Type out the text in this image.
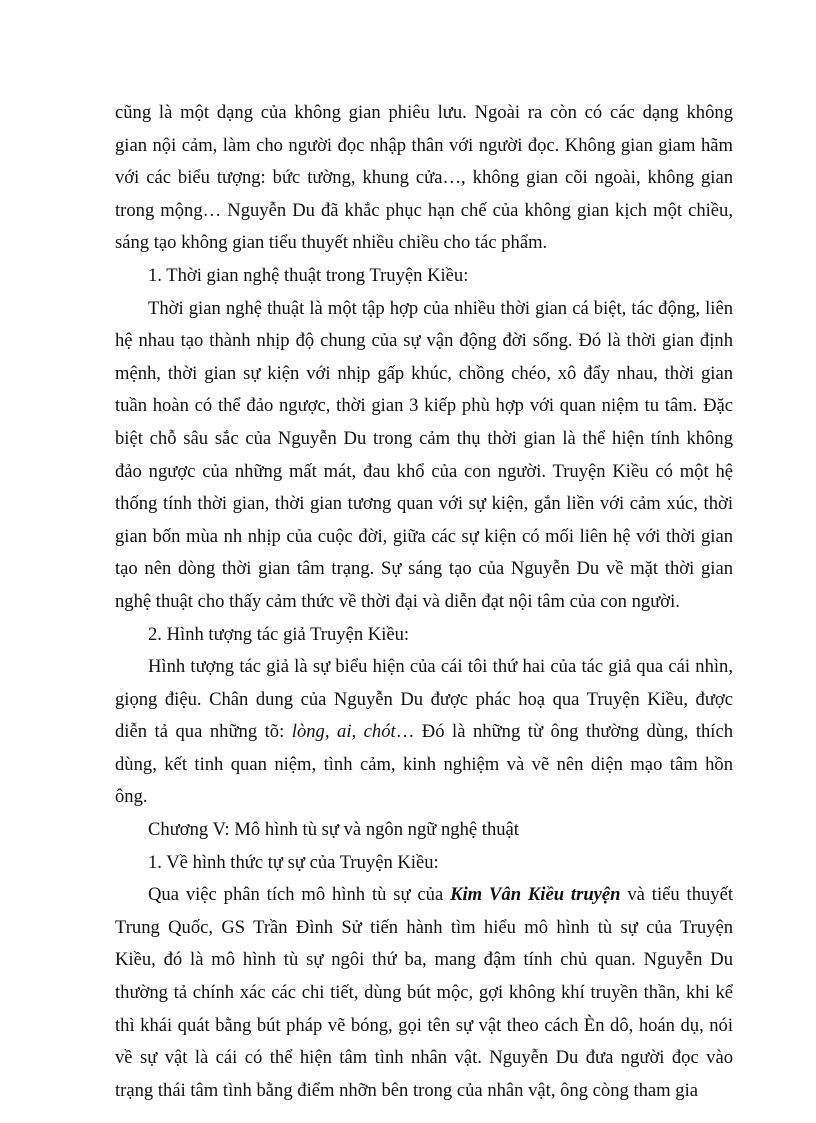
cũng là một dạng của không gian phiêu lưu. Ngoài ra còn có các dạng không
gian nội cảm, làm cho người đọc nhập thân với người đọc. Không gian giam hãm
với các biểu tượng: bức tường, khung cửa…, không gian cõi ngoài, không gian
trong mộng… Nguyễn Du đã khắc phục hạn chế của không gian kịch một chiều,
sáng tạo không gian tiểu thuyết nhiều chiều cho tác phẩm.
1. Thời gian nghệ thuật trong Truyện Kiều:
Thời gian nghệ thuật là một tập hợp của nhiều thời gian cá biệt, tác động, liên
hệ nhau tạo thành nhịp độ chung của sự vận động đời sống. Đó là thời gian định
mệnh, thời gian sự kiện với nhịp gấp khúc, chồng chéo, xô đẩy nhau, thời gian
tuần hoàn có thể đảo ngược, thời gian 3 kiếp phù hợp với quan niệm tu tâm. Đặc
biệt chỗ sâu sắc của Nguyễn Du trong cảm thụ thời gian là thể hiện tính không
đảo ngược của những mất mát, đau khổ của con người. Truyện Kiều có một hệ
thống tính thời gian, thời gian tương quan với sự kiện, gắn liền với cảm xúc, thời
gian bốn mùa nh nhịp của cuộc đời, giữa các sự kiện có mối liên hệ với thời gian
tạo nên dòng thời gian tâm trạng. Sự sáng tạo của Nguyễn Du về mặt thời gian
nghệ thuật cho thấy cảm thức về thời đại và diễn đạt nội tâm của con người.
2. Hình tượng tác giả Truyện Kiều:
Hình tượng tác giả là sự biểu hiện của cái tôi thứ hai của tác giả qua cái nhìn,
giọng điệu. Chân dung của Nguyễn Du được phác hoạ qua Truyện Kiều, được
diễn tả qua những tõ: lòng, ai, chót… Đó là những từ ông thường dùng, thích
dùng, kết tinh quan niệm, tình cảm, kinh nghiệm và vẽ nên diện mạo tâm hồn
ông.
Chương V: Mô hình tù sự và ngôn ngữ nghệ thuật
1. Về hình thức tự sự của Truyện Kiều:
Qua việc phân tích mô hình tù sự của Kim Vân Kiều truyện và tiểu thuyết
Trung Quốc, GS Trần Đình Sử tiến hành tìm hiểu mô hình tù sự của Truyện
Kiều, đó là mô hình tù sự ngôi thứ ba, mang đậm tính chủ quan. Nguyễn Du
thường tả chính xác các chi tiết, dùng bút mộc, gợi không khí truyền thần, khi kể
thì khái quát bằng bút pháp vẽ bóng, gọi tên sự vật theo cách Èn dô, hoán dụ, nói
về sự vật là cái có thể hiện tâm tình nhân vật. Nguyễn Du đưa người đọc vào
trạng thái tâm tình bằng điểm nhỡn bên trong của nhân vật, ông còng tham gia
